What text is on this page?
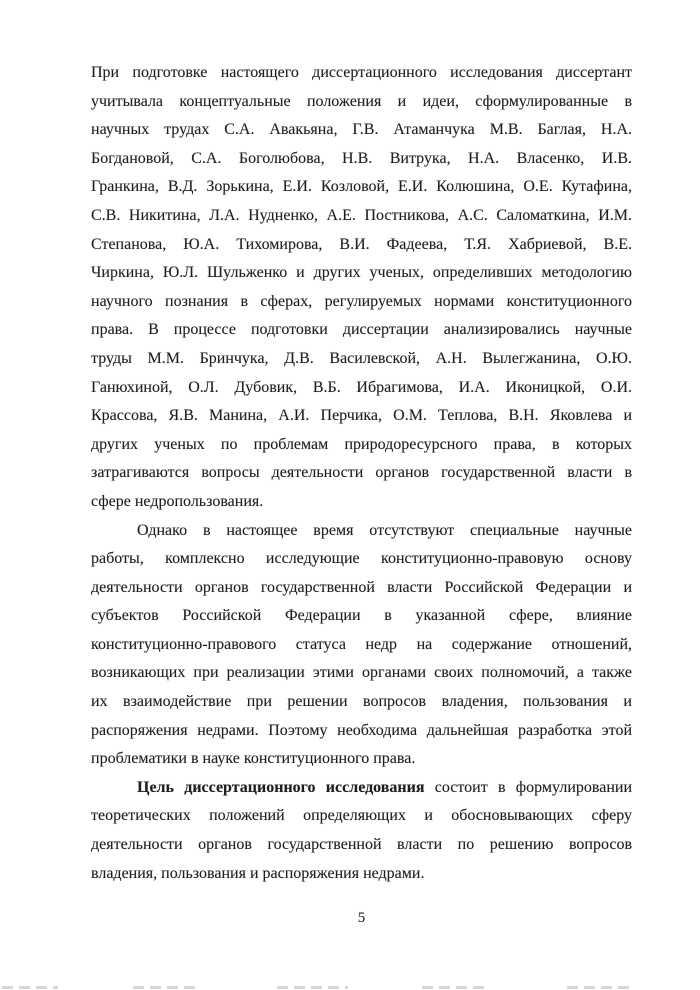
При подготовке настоящего диссертационного исследования диссертант
учитывала концептуальные положения и идеи, сформулированные в
научных трудах С.А. Авакьяна, Г.В. Атаманчука М.В. Баглая, Н.А.
Богдановой, С.А. Боголюбова, Н.В. Витрука, Н.А. Власенко, И.В.
Гранкина, В.Д. Зорькина, Е.И. Козловой, Е.И. Колюшина, О.Е. Кутафина,
С.В. Никитина, Л.А. Нудненко, А.Е. Постникова, А.С. Саломаткина, И.М.
Степанова, Ю.А. Тихомирова, В.И. Фадеева, Т.Я. Хабриевой, В.Е.
Чиркина, Ю.Л. Шульженко и других ученых, определивших методологию
научного познания в сферах, регулируемых нормами конституционного
права. В процессе подготовки диссертации анализировались научные
труды М.М. Бринчука, Д.В. Василевской, А.Н. Вылегжанина, О.Ю.
Ганюхиной, О.Л. Дубовик, В.Б. Ибрагимова, И.А. Иконицкой, О.И.
Крассова, Я.В. Манина, А.И. Перчика, О.М. Теплова, В.Н. Яковлева и
других ученых по проблемам природоресурсного права, в которых
затрагиваются вопросы деятельности органов государственной власти в
сфере недропользования.
Однако в настоящее время отсутствуют специальные научные
работы, комплексно исследующие конституционно-правовую основу
деятельности органов государственной власти Российской Федерации и
субъектов Российской Федерации в указанной сфере, влияние
конституционно-правового статуса недр на содержание отношений,
возникающих при реализации этими органами своих полномочий, а также
их взаимодействие при решении вопросов владения, пользования и
распоряжения недрами. Поэтому необходима дальнейшая разработка этой
проблематики в науке конституционного права.
Цель диссертационного исследования состоит в формулировании
теоретических положений определяющих и обосновывающих сферу
деятельности органов государственной власти по решению вопросов
владения, пользования и распоряжения недрами.
5
